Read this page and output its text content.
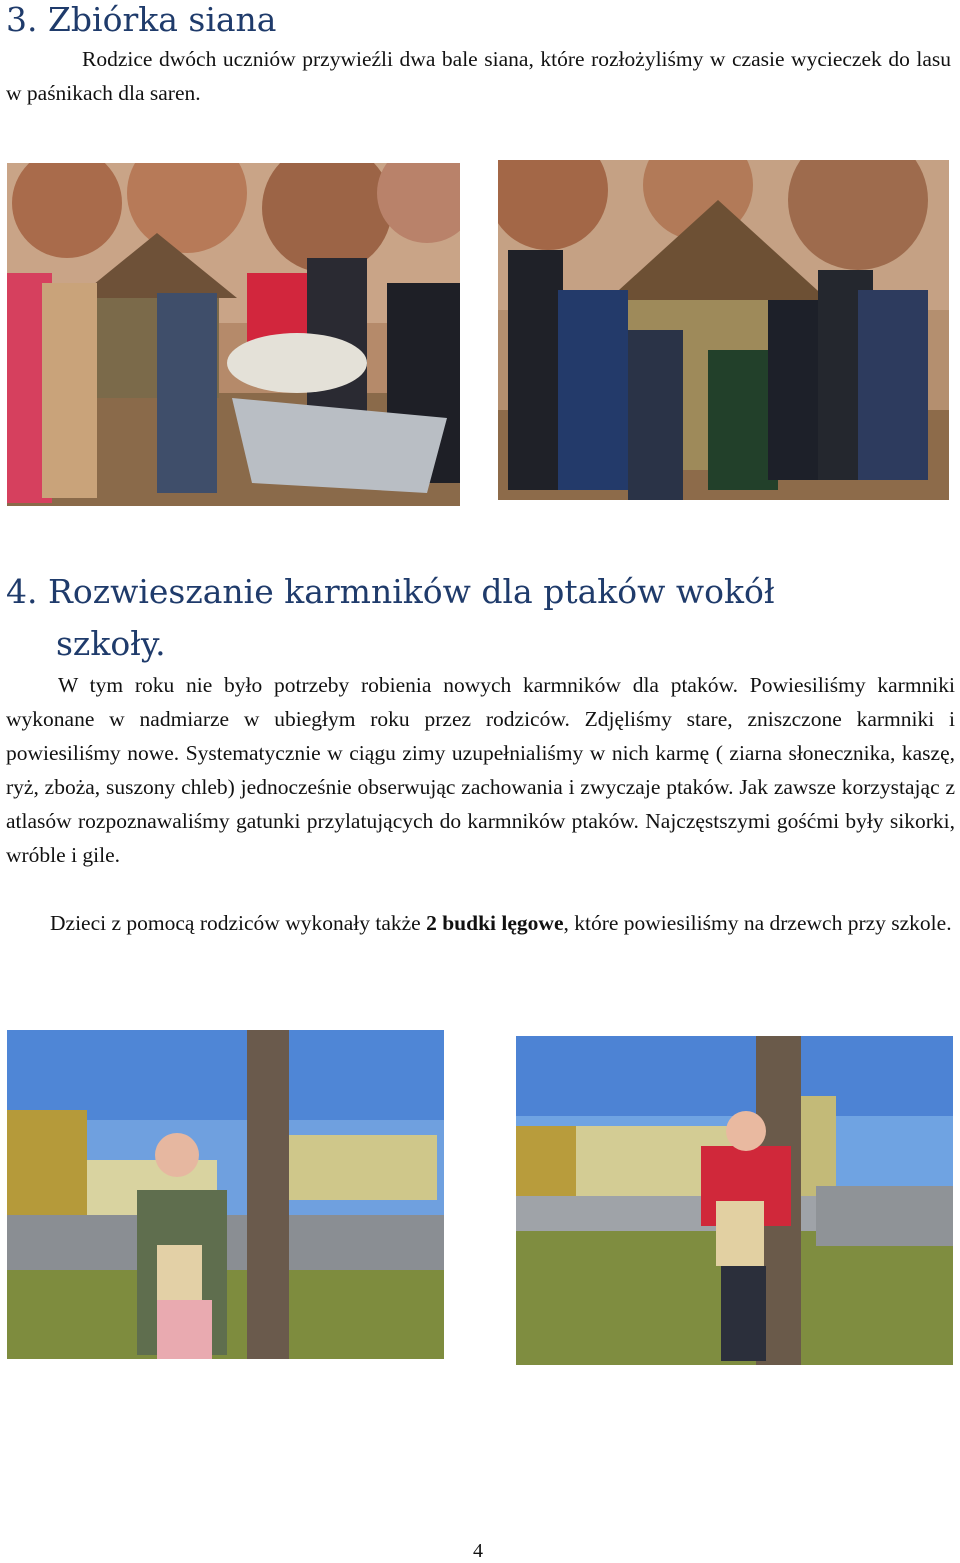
3. Zbiórka siana
Rodzice dwóch uczniów przywieźli dwa bale siana, które rozłożyliśmy w czasie wycieczek do lasu w paśnikach dla saren.
4. Rozwieszanie karmników dla ptaków wokół
szkoły.
W tym roku nie było potrzeby robienia nowych karmników dla ptaków. Powiesiliśmy karmniki wykonane w nadmiarze w ubiegłym roku przez rodziców. Zdjęliśmy stare, zniszczone karmniki i powiesiliśmy nowe. Systematycznie w ciągu zimy uzupełnialiśmy w nich karmę ( ziarna słonecznika, kaszę, ryż, zboża, suszony chleb) jednocześnie obserwując zachowania i zwyczaje ptaków. Jak zawsze korzystając z atlasów rozpoznawaliśmy gatunki przylatujących do karmników ptaków. Najczęstszymi gośćmi były sikorki, wróble i gile.
Dzieci z pomocą rodziców wykonały także 2 budki lęgowe, które powiesiliśmy na drzewch przy szkole.
4
